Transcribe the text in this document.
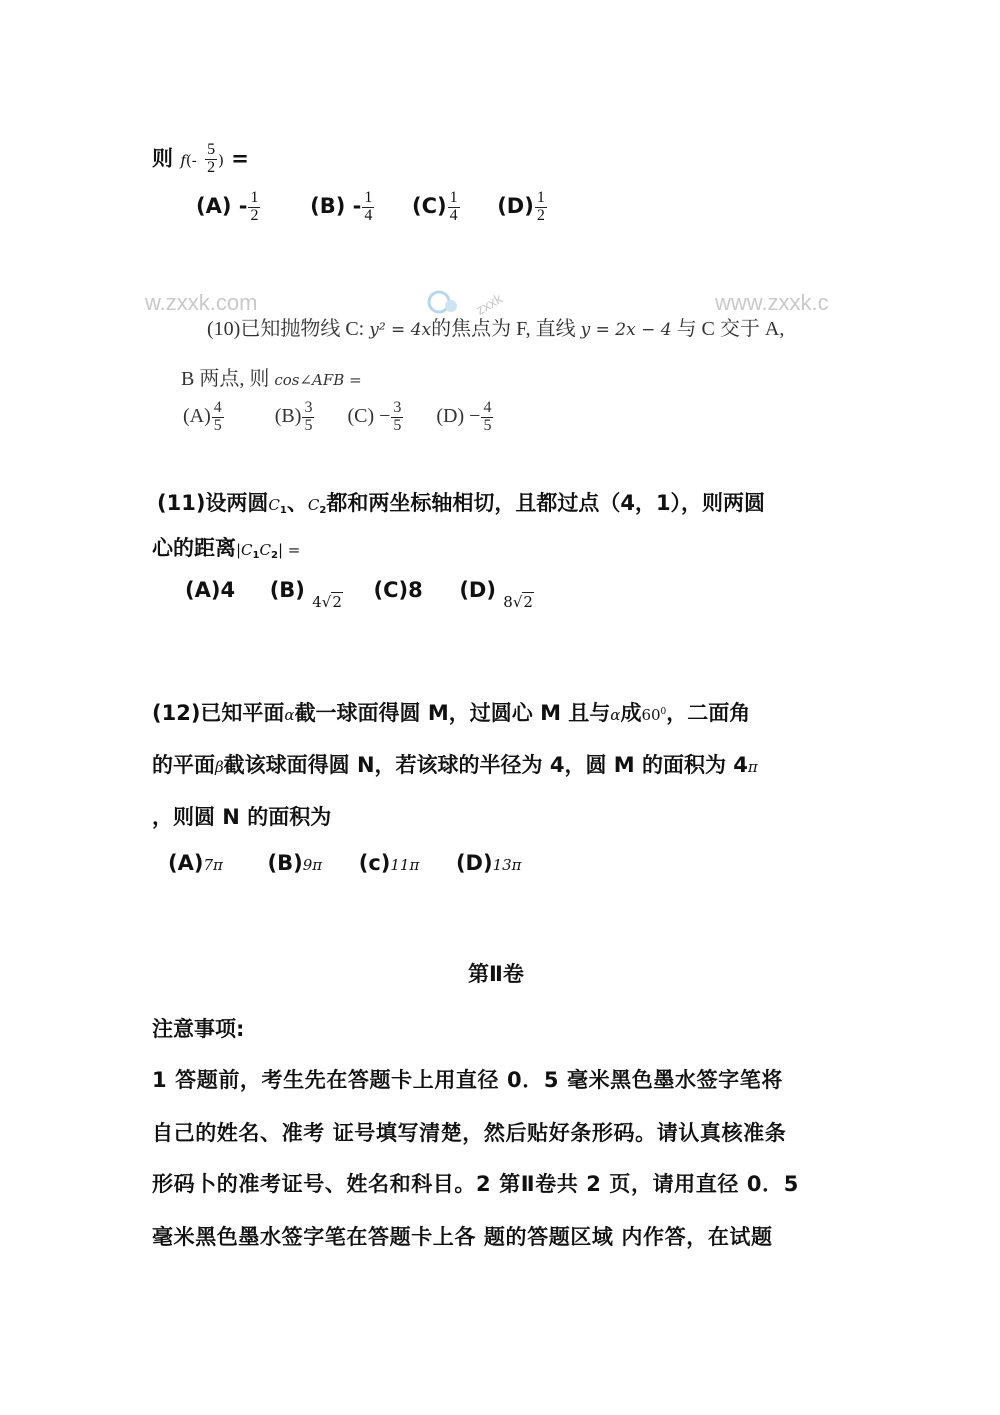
则 $f(- \frac{5}{2}$ ) =
$(A) - \frac{1}{2} (B) - \frac{1}{4} (C) \frac{1}{4} (D) \frac{1}{2}$
w.zxxk.com	zxxk	www.zxxk.c
(10)已知抛物线 C: y² = 4x的焦点为 F, 直线 y = 2x − 4 与 C 交于 A,
B 两点, 则 cos∠AFB =
$(A) \frac{4}{5}$	$(B) \frac{3}{5} (C) - \frac{3}{5} (D) - \frac{4}{5}$
(11)设两圆$C_1$、$C_2$都和两坐标轴相切，且都过点（4，1），则两圆
心的距离$|C_1C_2|$ =
(A)4 (B) $_{4√2}$ (C)8 (D) $_{8√2}$
(12)已知平面α截一球面得圆 M，过圆心 M 且与α成$60^0$，二面角
的平面β截该球面得圆 N，若该球的半径为 4，圆 M 的面积为 4π
，则圆 N 的面积为
(A)7π (B)9π (c)11π (D)13π
第Ⅱ卷
注意事项:
1 答题前，考生先在答题卡上用直径 0．5 毫米黑色墨水签字笔将
自己的姓名、准考 证号填写清楚，然后贴好条形码。请认真核准条
形码卜的准考证号、姓名和科目。2 第Ⅱ卷共 2 页，请用直径 0．5
毫米黑色墨水签字笔在答题卡上各 题的答题区域 内作答，在试题
